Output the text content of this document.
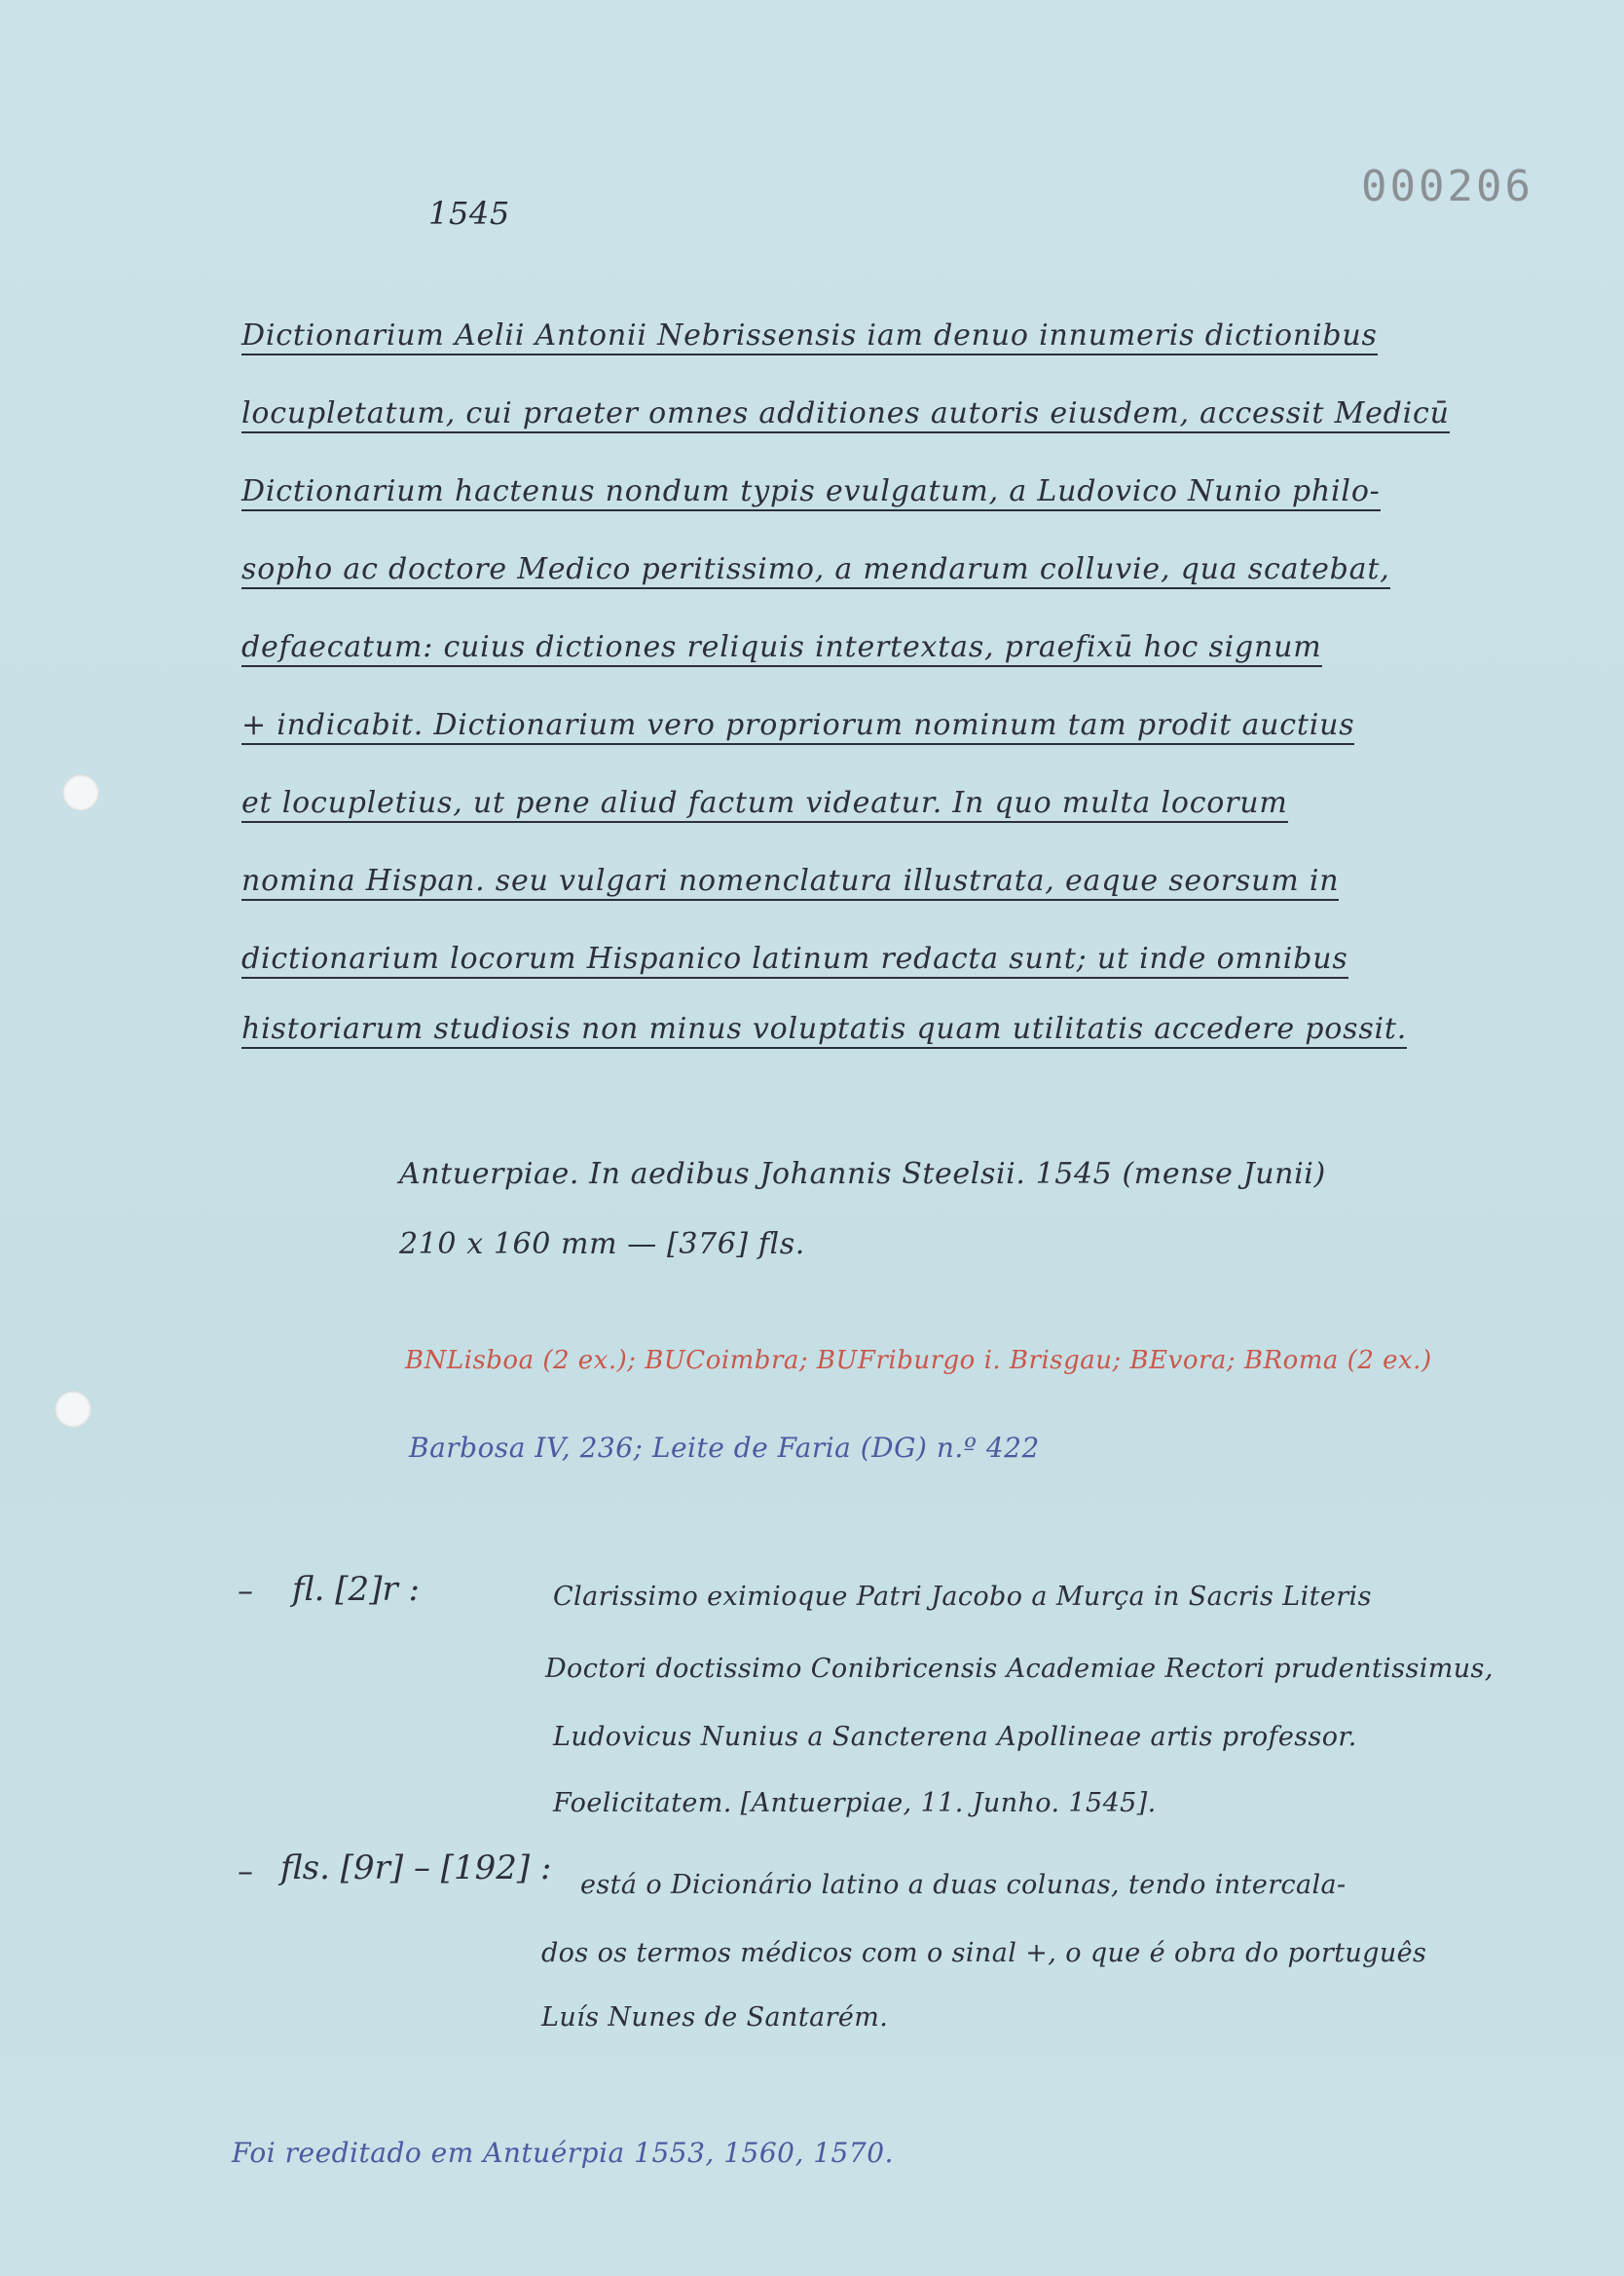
000206
1545
Dictionarium Aelii Antonii Nebrissensis iam denuo innumeris dictionibus
locupletatum, cui praeter omnes additiones autoris eiusdem, accessit Medicū
Dictionarium hactenus nondum typis evulgatum, a Ludovico Nunio philo-
sopho ac doctore Medico peritissimo, a mendarum colluvie, qua scatebat,
defaecatum: cuius dictiones reliquis intertextas, praefixū hoc signum
+ indicabit. Dictionarium vero propriorum nominum tam prodit auctius
et locupletius, ut pene aliud factum videatur. In quo multa locorum
nomina Hispan. seu vulgari nomenclatura illustrata, eaque seorsum in
dictionarium locorum Hispanico latinum redacta sunt; ut inde omnibus
historiarum studiosis non minus voluptatis quam utilitatis accedere possit.
Antuerpiae. In aedibus Johannis Steelsii. 1545 (mense Junii)
210 x 160 mm — [376] fls.
BNLisboa (2 ex.); BUCoimbra; BUFriburgo i. Brisgau; BEvora; BRoma (2 ex.)
Barbosa IV, 236; Leite de Faria (DG) n.º 422
– fl. [2]r :	Clarissimo eximioque Patri Jacobo a Murça in Sacris Literis
Doctori doctissimo Conibricensis Academiae Rectori prudentissimus,
Ludovicus Nunius a Sancterena Apollineae artis professor.
Foelicitatem. [Antuerpiae, 11. Junho. 1545].
– fls. [9r] – [192] : está o Dicionário latino a duas colunas, tendo intercala-
dos os termos médicos com o sinal +, o que é obra do português
Luís Nunes de Santarém.
Foi reeditado em Antuérpia 1553, 1560, 1570.
